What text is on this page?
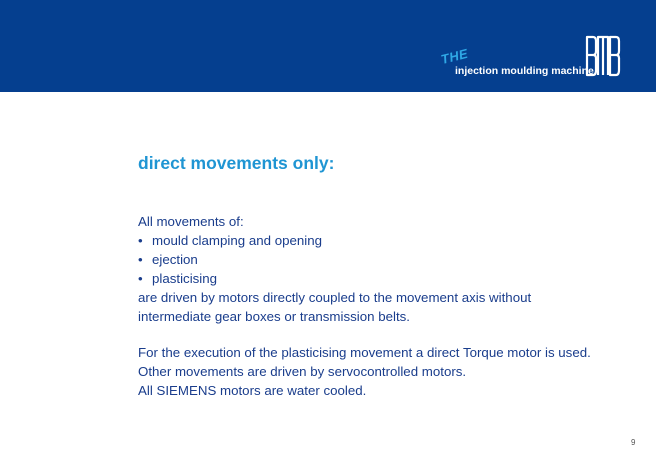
THE
injection moulding machine
direct movements only:
All movements of:
• mould clamping and opening
• ejection
• plasticising
are driven by motors directly coupled to the movement axis without
intermediate gear boxes or transmission belts.
For the execution of the plasticising movement a direct Torque motor is used.
Other movements are driven by servocontrolled motors.
All SIEMENS motors are water cooled.
9
